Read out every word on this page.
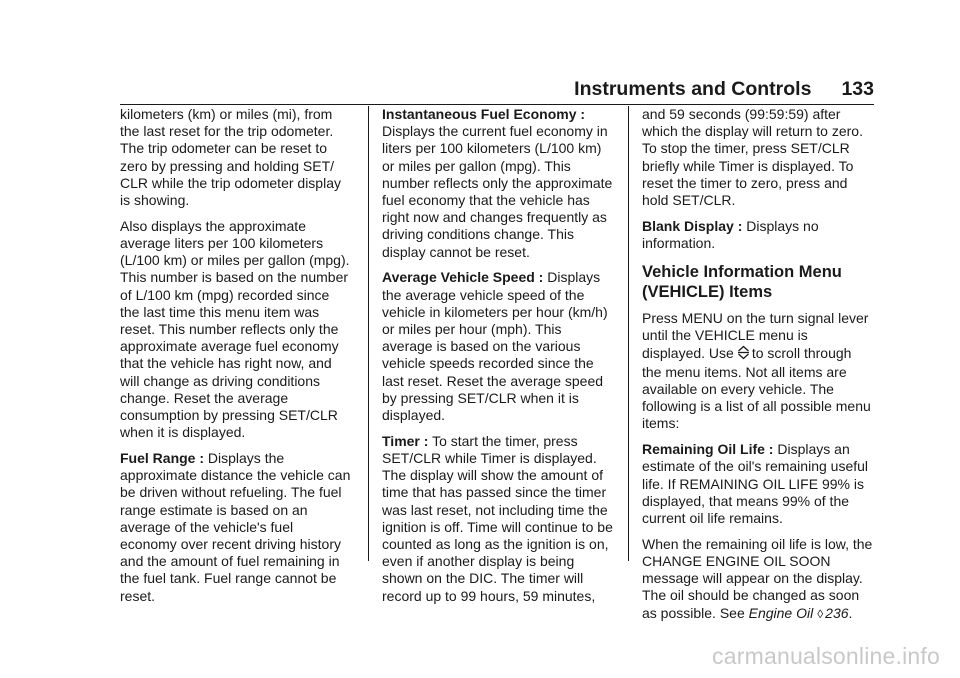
Instruments and Controls 133

kilometers (km) or miles (mi), from the last reset for the trip odometer. The trip odometer can be reset to zero by pressing and holding SET/ CLR while the trip odometer display is showing.

Also displays the approximate average liters per 100 kilometers (L/100 km) or miles per gallon (mpg). This number is based on the number of L/100 km (mpg) recorded since the last time this menu item was reset. This number reflects only the approximate average fuel economy that the vehicle has right now, and will change as driving conditions change. Reset the average consumption by pressing SET/CLR when it is displayed.

Fuel Range : Displays the approximate distance the vehicle can be driven without refueling. The fuel range estimate is based on an average of the vehicle's fuel economy over recent driving history and the amount of fuel remaining in the fuel tank. Fuel range cannot be reset.

Instantaneous Fuel Economy : Displays the current fuel economy in liters per 100 kilometers (L/100 km) or miles per gallon (mpg). This number reflects only the approximate fuel economy that the vehicle has right now and changes frequently as driving conditions change. This display cannot be reset.

Average Vehicle Speed : Displays the average vehicle speed of the vehicle in kilometers per hour (km/h) or miles per hour (mph). This average is based on the various vehicle speeds recorded since the last reset. Reset the average speed by pressing SET/CLR when it is displayed.

Timer : To start the timer, press SET/CLR while Timer is displayed. The display will show the amount of time that has passed since the timer was last reset, not including time the ignition is off. Time will continue to be counted as long as the ignition is on, even if another display is being shown on the DIC. The timer will record up to 99 hours, 59 minutes,

and 59 seconds (99:59:59) after which the display will return to zero. To stop the timer, press SET/CLR briefly while Timer is displayed. To reset the timer to zero, press and hold SET/CLR.

Blank Display : Displays no information.

Vehicle Information Menu (VEHICLE) Items

Press MENU on the turn signal lever until the VEHICLE menu is displayed. Use to scroll through the menu items. Not all items are available on every vehicle. The following is a list of all possible menu items:

Remaining Oil Life : Displays an estimate of the oil's remaining useful life. If REMAINING OIL LIFE 99% is displayed, that means 99% of the current oil life remains.

When the remaining oil life is low, the CHANGE ENGINE OIL SOON message will appear on the display. The oil should be changed as soon as possible. See Engine Oil ◊ 236.

carmanualsonline.info
